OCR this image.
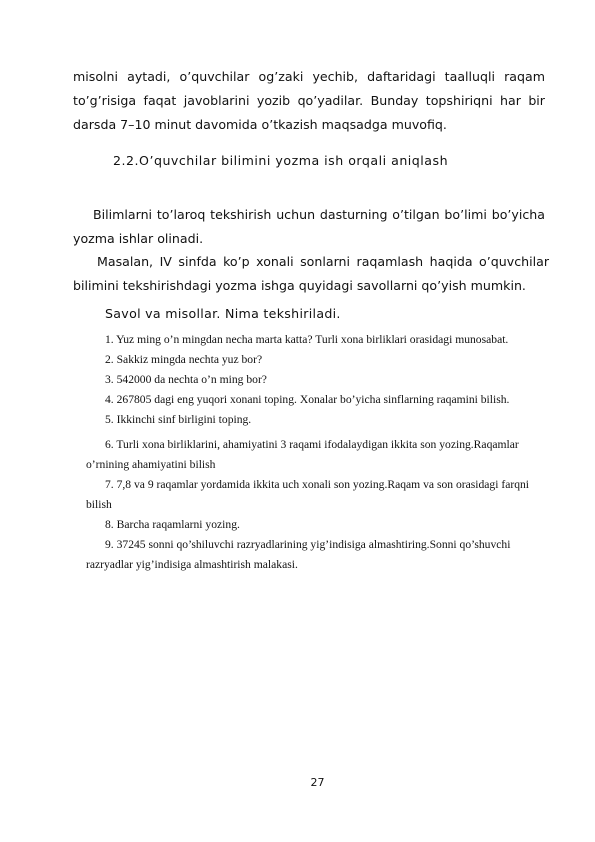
misolni aytadi, o’quvchilar og’zaki yechib, daftaridagi taalluqli raqam to’g’risiga faqat javoblarini yozib qo’yadilar. Bunday topshiriqni har bir darsda 7–10 minut davomida o’tkazish maqsadga muvofiq.

2.2.O’quvchilar bilimini yozma ish orqali aniqlash

Bilimlarni to’laroq tekshirish uchun dasturning o’tilgan bo’limi bo’yicha yozma ishlar olinadi.

Masalan, IV sinfda ko’p xonali sonlarni raqamlash haqida o’quvchilar bilimini tekshirishdagi yozma ishga quyidagi savollarni qo’yish mumkin.

Savol va misollar. Nima tekshiriladi.

1. Yuz ming o’n mingdan necha marta katta? Turli xona birliklari orasidagi munosabat.

2. Sakkiz mingda nechta yuz bor?

3. 542000 da nechta o’n ming bor?

4. 267805 dagi eng yuqori xonani toping. Xonalar bo’yicha sinflarning raqamini bilish.

5. Ikkinchi sinf birligini toping.

6. Turli xona birliklarini, ahamiyatini 3 raqami ifodalaydigan ikkita son yozing.Raqamlar o’rnining ahamiyatini bilish

7. 7,8 va 9 raqamlar yordamida ikkita uch xonali son yozing.Raqam va son orasidagi farqni bilish

8. Barcha raqamlarni yozing.

9. 37245 sonni qo’shiluvchi razryadlarining yig’indisiga almashtiring.Sonni qo’shuvchi razryadlar yig’indisiga almashtirish malakasi.

27
